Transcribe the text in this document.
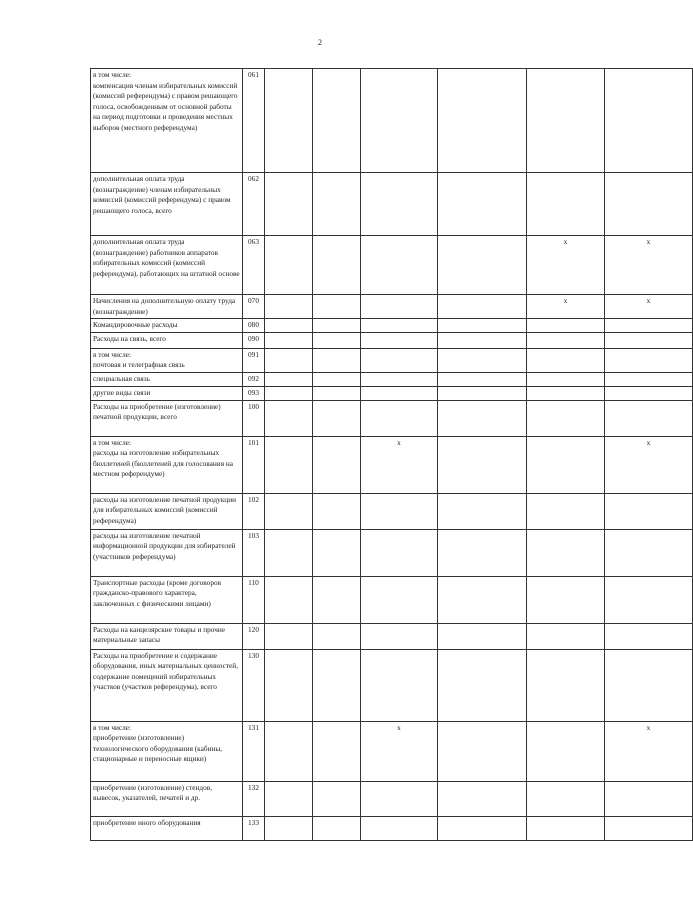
2
в том числе:
компенсация членам избирательных комиссий (комиссий референдума) с правом решающего голоса, освобожденным от основной работы на период подготовки и проведения местных выборов (местного референдума)	061						
дополнительная оплата труда (вознаграждение) членам избирательных комиссий (комиссий референдума) с правом решающего голоса, всего	062						
дополнительная оплата труда (вознаграждение) работников аппаратов избирательных комиссий (комиссий референдума), работающих на штатной основе	063					x	x
Начисления на дополнительную оплату труда (вознаграждение)	070					x	x
Командировочные расходы	080						
Расходы на связь, всего	090						
в том числе:
почтовая и телеграфная связь	091						
специальная связь	092						
другие виды связи	093						
Расходы на приобретение (изготовление) печатной продукции, всего	100						
в том числе:
расходы на изготовление избирательных бюллетеней (бюллетеней для голосования на местном референдуме)	101			x			x
расходы на изготовление печатной продукции для избирательных комиссий (комиссий референдума)	102						
расходы на изготовление печатной информационной продукции для избирателей (участников референдума)	103						
Транспортные расходы (кроме договоров гражданско-правового характера, заключенных с физическими лицами)	110						
Расходы на канцелярские товары и прочие материальные запасы	120						
Расходы на приобретение и содержание оборудования, иных материальных ценностей, содержание помещений избирательных участков (участков референдума), всего	130						
в том числе:
приобретение (изготовление) технологического оборудования (кабины, стационарные и переносные ящики)	131			x			x
приобретение (изготовление) стендов, вывесок, указателей, печатей и др.	132						
приобретение иного оборудования	133						
